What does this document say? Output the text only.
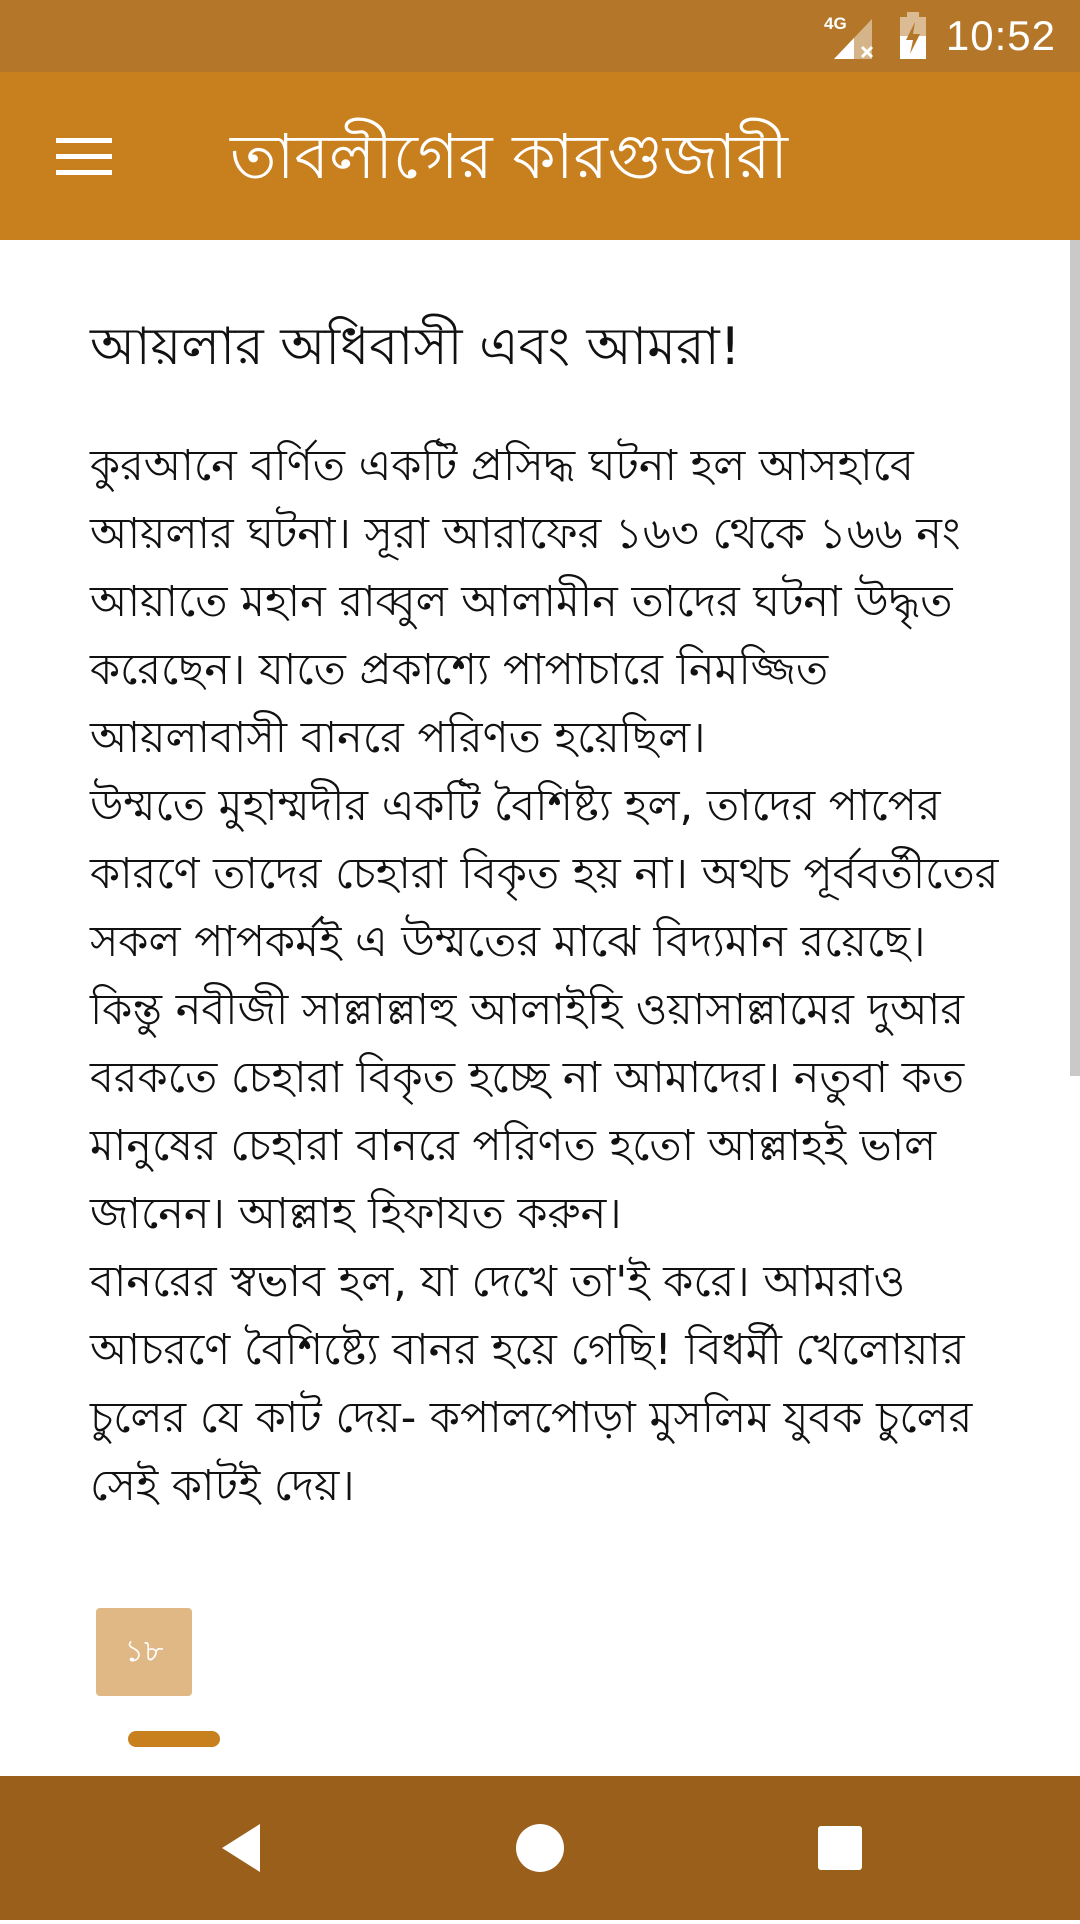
4G 10:52
তাবলীগের কারগুজারী
আয়লার অধিবাসী এবং আমরা!

কুরআনে বর্ণিত একটি প্রসিদ্ধ ঘটনা হল আসহাবে আয়লার ঘটনা। সূরা আরাফের ১৬৩ থেকে ১৬৬ নং আয়াতে মহান রাব্বুল আলামীন তাদের ঘটনা উদ্ধৃত করেছেন। যাতে প্রকাশ্যে পাপাচারে নিমজ্জিত আয়লাবাসী বানরে পরিণত হয়েছিল।

উম্মতে মুহাম্মদীর একটি বৈশিষ্ট্য হল, তাদের পাপের কারণে তাদের চেহারা বিকৃত হয় না। অথচ পূর্ববর্তীতের সকল পাপকর্মই এ উম্মতের মাঝে বিদ্যমান রয়েছে। কিন্তু নবীজী সাল্লাল্লাহু আলাইহি ওয়াসাল্লামের দুআর বরকতে চেহারা বিকৃত হচ্ছে না আমাদের। নতুবা কত মানুষের চেহারা বানরে পরিণত হতো আল্লাহই ভাল জানেন। আল্লাহ হিফাযত করুন।

বানরের স্বভাব হল, যা দেখে তা'ই করে। আমরাও আচরণে বৈশিষ্ট্যে বানর হয়ে গেছি! বিধর্মী খেলোয়ার চুলের যে কাট দেয়- কপালপোড়া মুসলিম যুবক চুলের সেই কাটই দেয়।

১৮
